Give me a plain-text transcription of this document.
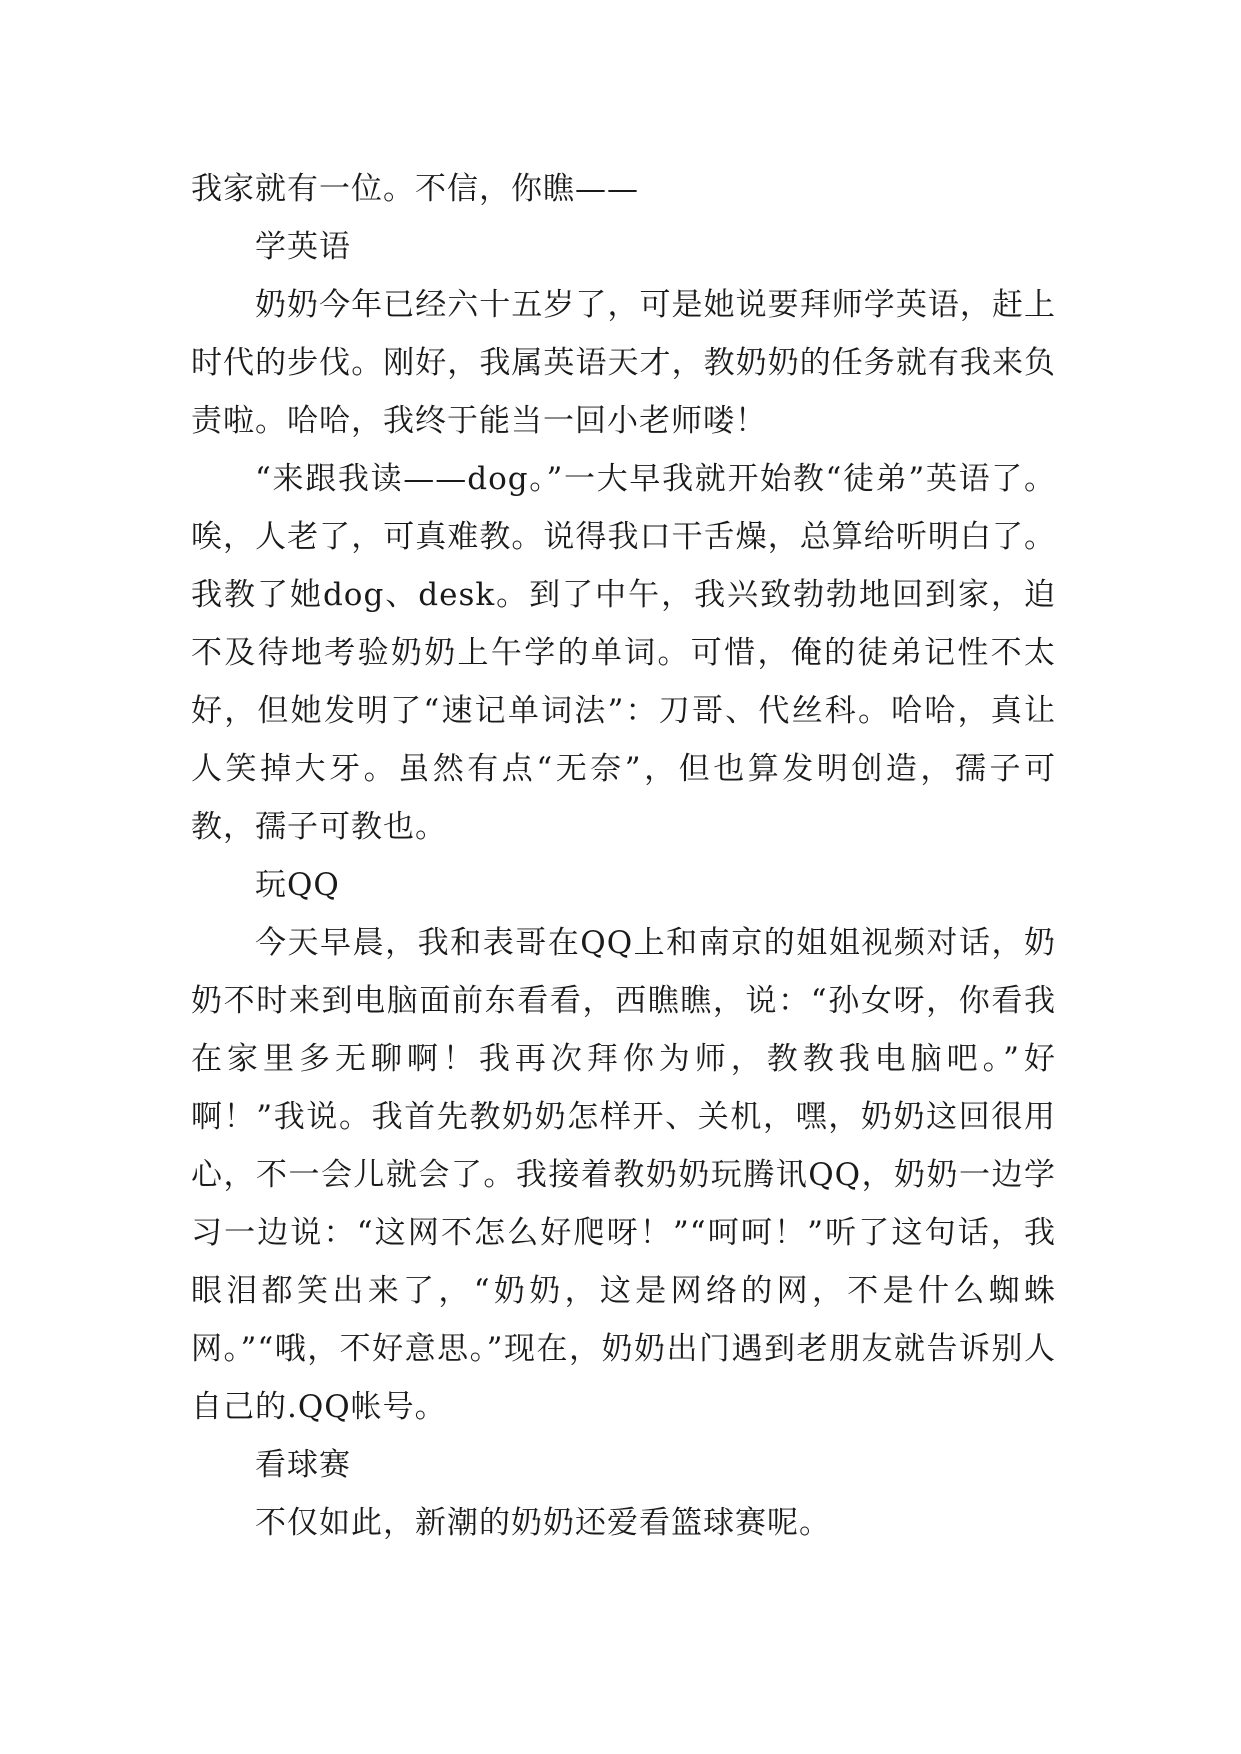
我家就有一位。不信，你瞧——

学英语

奶奶今年已经六十五岁了，可是她说要拜师学英语，赶上时代的步伐。刚好，我属英语天才，教奶奶的任务就有我来负责啦。哈哈，我终于能当一回小老师喽！

“来跟我读——dog。”一大早我就开始教“徒弟”英语了。唉，人老了，可真难教。说得我口干舌燥，总算给听明白了。我教了她dog、desk。到了中午，我兴致勃勃地回到家，迫不及待地考验奶奶上午学的单词。可惜，俺的徒弟记性不太好，但她发明了“速记单词法”：刀哥、代丝科。哈哈，真让人笑掉大牙。虽然有点“无奈”，但也算发明创造，孺子可教，孺子可教也。

玩QQ

今天早晨，我和表哥在QQ上和南京的姐姐视频对话，奶奶不时来到电脑面前东看看，西瞧瞧，说：“孙女呀，你看我在家里多无聊啊！我再次拜你为师，教教我电脑吧。”好啊！”我说。我首先教奶奶怎样开、关机，嘿，奶奶这回很用心，不一会儿就会了。我接着教奶奶玩腾讯QQ，奶奶一边学习一边说：“这网不怎么好爬呀！”“呵呵！”听了这句话，我眼泪都笑出来了，“奶奶，这是网络的网，不是什么蜘蛛网。”“哦，不好意思。”现在，奶奶出门遇到老朋友就告诉别人自己的.QQ帐号。

看球赛

不仅如此，新潮的奶奶还爱看篮球赛呢。
